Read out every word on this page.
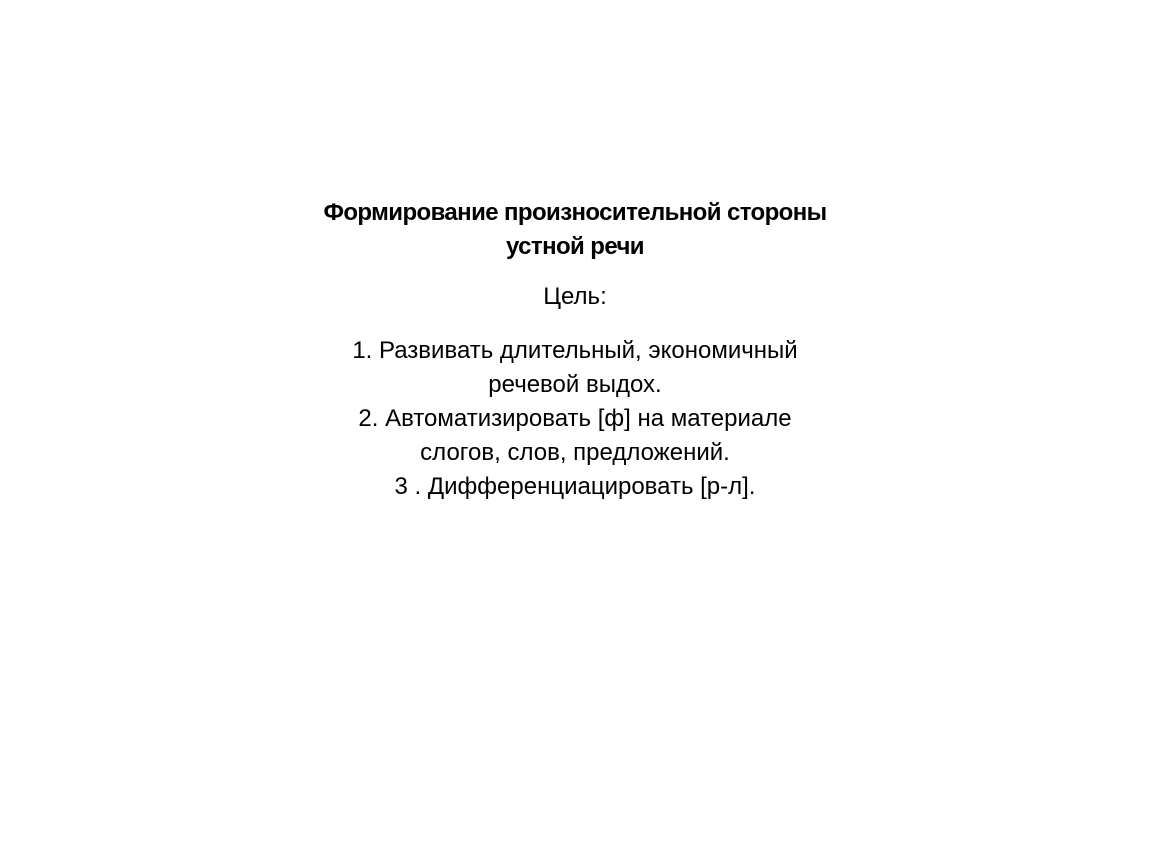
Формирование произносительной стороны
устной речи
Цель:
1. Развивать длительный, экономичный
речевой выдох.
2. Автоматизировать [ф] на материале
слогов, слов, предложений.
3 . Дифференциацировать [р-л].
